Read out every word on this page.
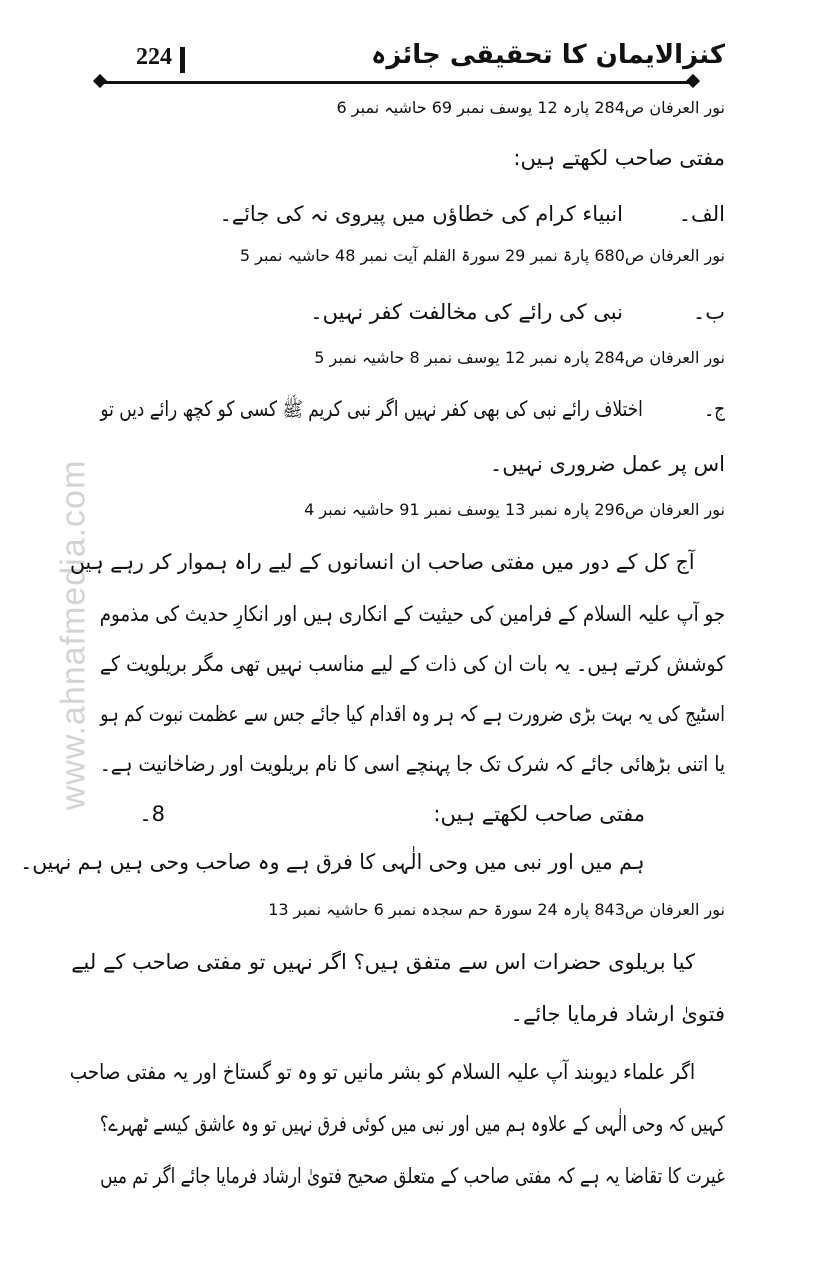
کنزالایمان کا تحقیقی جائزہ
224
www.ahnafmedia.com
نور العرفان ص284 پارہ 12 یوسف نمبر 69 حاشیہ نمبر 6
مفتی صاحب لکھتے ہیں:
الف۔انبیاء کرام کی خطاؤں میں پیروی نہ کی جائے۔
نور العرفان ص680 پارۃ نمبر 29 سورۃ القلم آیت نمبر 48 حاشیہ نمبر 5
ب۔نبی کی رائے کی مخالفت کفر نہیں۔
نور العرفان ص284 پارہ نمبر 12 یوسف نمبر 8 حاشیہ نمبر 5
ج۔اختلاف رائے نبی کی بھی کفر نہیں اگر نبی کریم ﷺ کسی کو کچھ رائے دیں تو
اس پر عمل ضروری نہیں۔
نور العرفان ص296 پارہ نمبر 13 یوسف نمبر 91 حاشیہ نمبر 4
آج کل کے دور میں مفتی صاحب ان انسانوں کے لیے راہ ہموار کر رہے ہیں
جو آپ علیہ السلام کے فرامین کی حیثیت کے انکاری ہیں اور انکارِ حدیث کی مذموم
کوشش کرتے ہیں۔ یہ بات ان کی ذات کے لیے مناسب نہیں تھی مگر بریلویت کے
اسٹیج کی یہ بہت بڑی ضرورت ہے کہ ہر وہ اقدام کیا جائے جس سے عظمت نبوت کم ہو
یا اتنی بڑھائی جائے کہ شرک تک جا پہنچے اسی کا نام بریلویت اور رضاخانیت ہے۔
مفتی صاحب لکھتے ہیں:
ہم میں اور نبی میں وحی الٰہی کا فرق ہے وہ صاحب وحی ہیں ہم نہیں۔
نور العرفان ص843 پارہ 24 سورۃ حم سجدہ نمبر 6 حاشیہ نمبر 13
کیا بریلوی حضرات اس سے متفق ہیں؟ اگر نہیں تو مفتی صاحب کے لیے
فتویٰ ارشاد فرمایا جائے۔
اگر علماء دیوبند آپ علیہ السلام کو بشر مانیں تو وہ تو گستاخ اور یہ مفتی صاحب
کہیں کہ وحی الٰہی کے علاوہ ہم میں اور نبی میں کوئی فرق نہیں تو وہ عاشق کیسے ٹھہرے؟
غیرت کا تقاضا یہ ہے کہ مفتی صاحب کے متعلق صحیح فتویٰ ارشاد فرمایا جائے اگر تم میں
8۔
